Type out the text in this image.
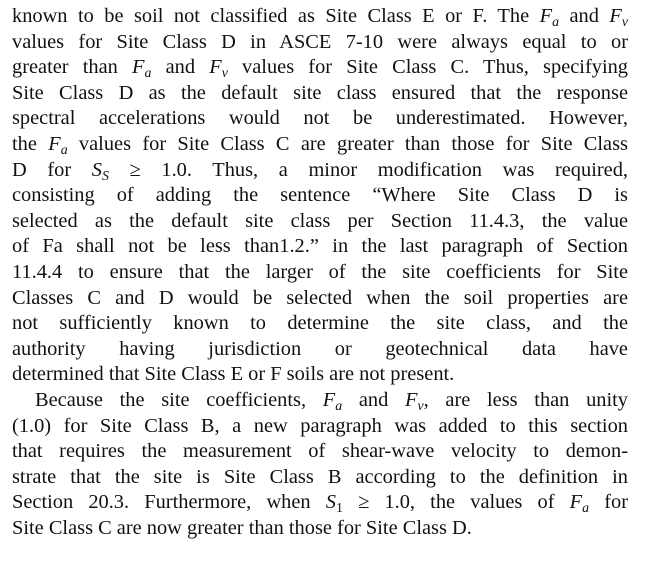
known to be soil not classified as Site Class E or F. The $F_a$ and $F_v$
values for Site Class D in ASCE 7-10 were always equal to or
greater than $F_a$ and $F_v$ values for Site Class C. Thus, specifying
Site Class D as the default site class ensured that the response
spectral accelerations would not be underestimated. However,
the $F_a$ values for Site Class C are greater than those for Site Class
D for $S_S \ge 1.0$. Thus, a minor modification was required,
consisting of adding the sentence “Where Site Class D is
selected as the default site class per Section 11.4.3, the value
of Fa shall not be less than1.2.” in the last paragraph of Section
11.4.4 to ensure that the larger of the site coefficients for Site
Classes C and D would be selected when the soil properties are
not sufficiently known to determine the site class, and the
authority having jurisdiction or geotechnical data have
determined that Site Class E or F soils are not present.
Because the site coefficients, $F_a$ and $F_v$, are less than unity
(1.0) for Site Class B, a new paragraph was added to this section
that requires the measurement of shear-wave velocity to demon-
strate that the site is Site Class B according to the definition in
Section 20.3. Furthermore, when $S_1 \ge 1.0$, the values of $F_a$ for
Site Class C are now greater than those for Site Class D.
